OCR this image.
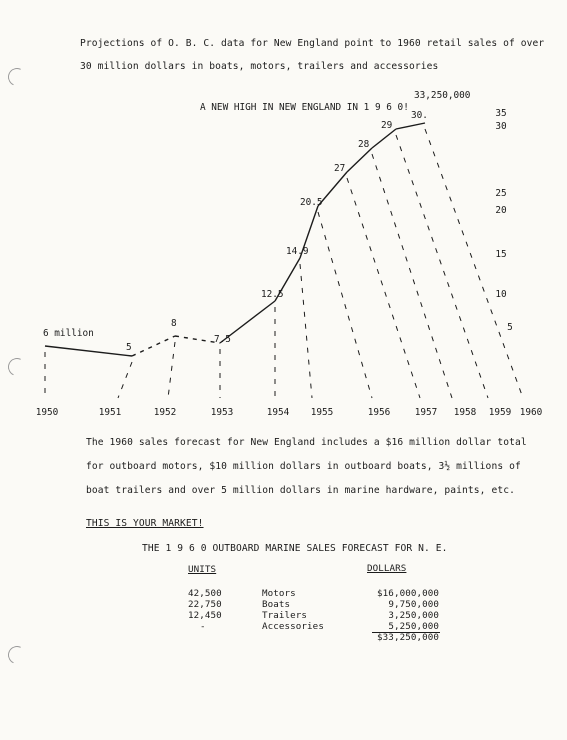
Projections of O. B. C. data for New England point to 1960 retail sales of over
30 million dollars in boats, motors, trailers and accessories
6 million
5
8
7.5
12.5
14.9
20.5
27
28
29
30.
1950	1951	1952	1953	1954 1955	1956	1957 1958 1959 1960
35
30
25
20
15
10
5
A NEW HIGH IN NEW ENGLAND IN 1 9 6 0!
33,250,000
The 1960 sales forecast for New England includes a $16 million dollar total
for outboard motors, $10 million dollars in outboard boats, 3½ millions of
boat trailers and over 5 million dollars in marine hardware, paints, etc.
THIS IS YOUR MARKET!
THE 1 9 6 0 OUTBOARD MARINE SALES FORECAST FOR N. E.
UNITS	DOLLARS
42,500	Motors	$16,000,000
22,750	Boats	9,750,000
12,450	Trailers	3,250,000
-	Accessories	5,250,000
$33,250,000
